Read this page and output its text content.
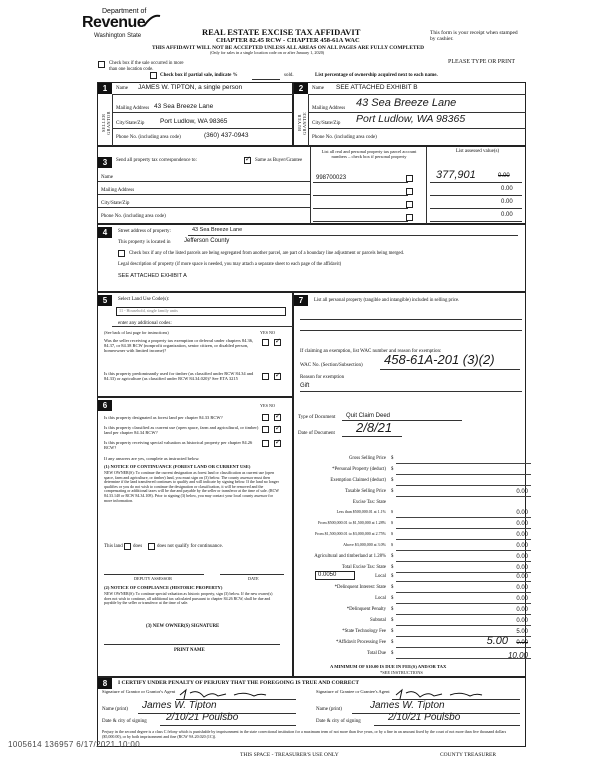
Department of
Revenue
Washington State	REAL ESTATE EXCISE TAX AFFIDAVIT
CHAPTER 82.45 RCW - CHAPTER 458-61A WAC
THIS AFFIDAVIT WILL NOT BE ACCEPTED UNLESS ALL AREAS ON ALL PAGES ARE FULLY COMPLETED
(Only for sales in a single location code on or after January 1, 2020)
This form is your receipt when stamped by cashier.
PLEASE TYPE OR PRINT
Check box if the sale occurred in more than one location code.
Check box if partial sale, indicate %	sold.	List percentage of ownership acquired next to each name.
1
SELLER GRANTOR
Name JAMES W. TIPTON, a single person
Mailing Address 43 Sea Breeze Lane
City/State/Zip Port Ludlow, WA 98365
Phone No. (including area code)	(360) 437-0943
2
BUYER GRANTEE
Name SEE ATTACHED EXHIBIT B
Mailing Address 43 Sea Breeze Lane
City/State/Zip Port Ludlow, WA 98365
Phone No. (including area code)
3	Send all property tax correspondence to: ✓	Same as Buyer/Grantee
List all real and personal property tax parcel account numbers – check box if personal property
List assessed value(s)
Name
Mailing Address
City/State/Zip
Phone No. (including area code)
998700023	377,901	0.00
0.00
0.00
0.00
4	Street address of property:	43 Sea Breeze Lane
This property is located in Jefferson County
Check box if any of the listed parcels are being segregated from another parcel, are part of a boundary line adjustment or parcels being merged.
Legal description of property (if more space is needed, you may attach a separate sheet to each page of the affidavit)
SEE ATTACHED EXHIBIT A
5	Select Land Use Code(s):
11 - Household, single family units
enter any additional codes:
(See back of last page for instructions)	YES NO
Was the seller receiving a property tax exemption or deferral under chapters 84.36, 84.37, or 84.38 RCW (nonprofit organization, senior citizen, or disabled person, homeowner with limited income)?
✓
Is this property predominantly used for timber (as classified under RCW 84.34 and 84.33) or agriculture (as classified under RCW 84.34.020)? See ETA 3215
✓
6	YES NO
Is this property designated as forest land per chapter 84.33 RCW?
✓
Is this property classified as current use (open space, farm and agricultural, or timber) land per chapter 84.34 RCW?
✓
Is this property receiving special valuation as historical property per chapter 84.26 RCW?
✓
If any answers are yes, complete as instructed below.
(1) NOTICE OF CONTINUANCE (FOREST LAND OR CURRENT USE)
NEW OWNER(S): To continue the current designation as forest land or classification as current use (open space, farm and agriculture, or timber) land, you must sign on (3) below. The county assessor must then determine if the land transferred continues to qualify and will indicate by signing below. If the land no longer qualifies or you do not wish to continue the designation or classification, it will be removed and the compensating or additional taxes will be due and payable by the seller or transferor at the time of sale. (RCW 84.33.140 or RCW 84.34.108). Prior to signing (3) below, you may contact your local county assessor for more information.
This land does	does not qualify for continuance.
DEPUTY ASSESSOR	DATE
(2) NOTICE OF COMPLIANCE (HISTORIC PROPERTY)
NEW OWNER(S): To continue special valuation as historic property, sign (3) below. If the new owner(s) does not wish to continue, all additional tax calculated pursuant to chapter 84.26 RCW, shall be due and payable by the seller or transferor at the time of sale.
(3) NEW OWNER(S) SIGNATURE
PRINT NAME
7	List all personal property (tangible and intangible) included in selling price.
If claiming an exemption, list WAC number and reason for exemption:
WAC No. (Section/Subsection) 458-61A-201 (3)(2)
Reason for exemption
Gift
Type of Document Quit Claim Deed
Date of Document 2/8/21
Gross Selling Price $
*Personal Property (deduct) $
Exemption Claimed (deduct) $
Taxable Selling Price $	0.00
Excise Tax: State
Less than $500,000.01 at 1.1% $	0.00
From $500,000.01 to $1,500,000 at 1.28% $	0.00
From $1,500,000.01 to $3,000,000 at 2.75% $	0.00
Above $3,000,000 at 3.0% $	0.00
Agricultural and timberland at 1.28% $	0.00
Total Excise Tax: State $	0.00
0.0050	Local $	0.00
*Delinquent Interest: State $	0.00
Local $	0.00
*Delinquent Penalty $	0.00
Subtotal $	0.00
*State Technology Fee $	5.00
*Affidavit Processing Fee $	0.00
5.00
Total Due $	10.00
A MINIMUM OF $10.00 IS DUE IN FEE(S) AND/OR TAX
*SEE INSTRUCTIONS
8	I CERTIFY UNDER PENALTY OF PERJURY THAT THE FOREGOING IS TRUE AND CORRECT
Signature of Grantor or Grantor's Agent	Signature of Grantee or Grantee's Agent
Name (print) James W. Tipton	Name (print)	James W. Tipton
Date & city of signing 2/10/21 Poulsbo	Date & city of signing	2/10/21 Poulsbo
Perjury in the second degree is a class C felony which is punishable by imprisonment in the state correctional institution for a maximum term of not more than five years, or by a fine in an amount fixed by the court of not more than five thousand dollars ($5,000.00), or by both imprisonment and fine (RCW 9A.20.020 (1C)).
1005614 136957 6/17/2021 10:00
THIS SPACE - TREASURER'S USE ONLY	COUNTY TREASURER
